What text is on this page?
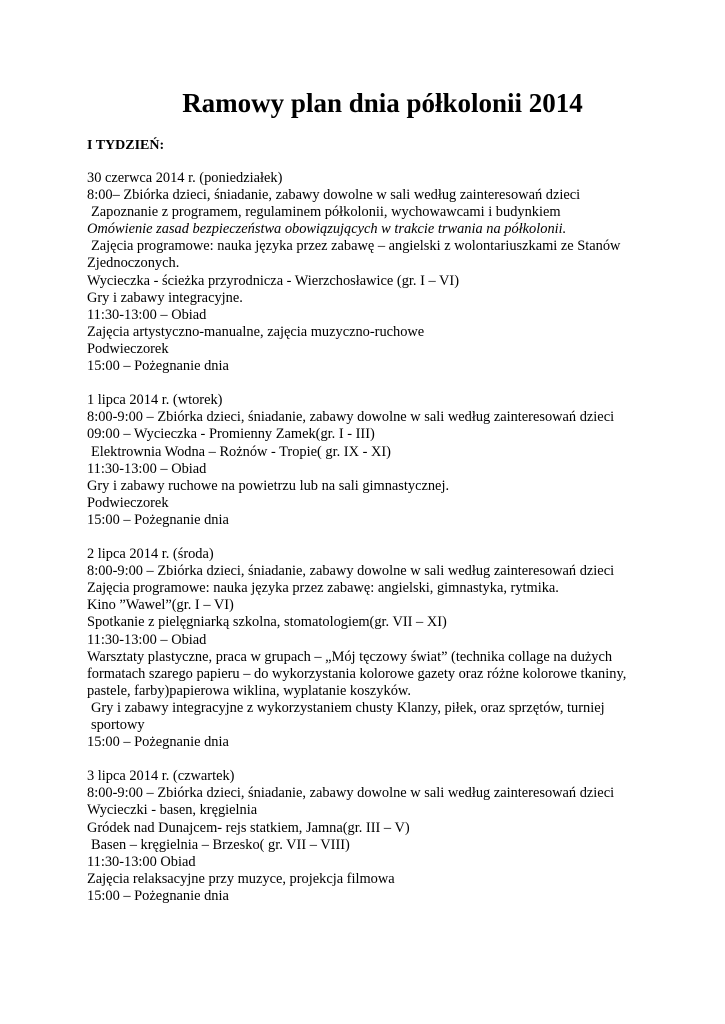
Ramowy plan dnia półkolonii 2014
I TYDZIEŃ:
30 czerwca 2014 r. (poniedziałek)
8:00– Zbiórka dzieci, śniadanie, zabawy dowolne w sali według zainteresowań dzieci
Zapoznanie z programem, regulaminem półkolonii, wychowawcami i budynkiem
Omówienie zasad bezpieczeństwa obowiązujących w trakcie trwania na półkolonii.
Zajęcia programowe: nauka języka przez zabawę – angielski z wolontariuszkami ze Stanów
Zjednoczonych.
Wycieczka - ścieżka przyrodnicza - Wierzchosławice (gr. I – VI)
Gry i zabawy integracyjne.
11:30-13:00 – Obiad
Zajęcia artystyczno-manualne, zajęcia muzyczno-ruchowe
Podwieczorek
15:00 – Pożegnanie dnia
1 lipca 2014 r. (wtorek)
8:00-9:00 – Zbiórka dzieci, śniadanie, zabawy dowolne w sali według zainteresowań dzieci
09:00 – Wycieczka - Promienny Zamek(gr. I - III)
Elektrownia Wodna – Rożnów - Tropie( gr. IX - XI)
11:30-13:00 – Obiad
Gry i zabawy ruchowe na powietrzu lub na sali gimnastycznej.
Podwieczorek
15:00 – Pożegnanie dnia
2 lipca 2014 r. (środa)
8:00-9:00 – Zbiórka dzieci, śniadanie, zabawy dowolne w sali według zainteresowań dzieci
Zajęcia programowe: nauka języka przez zabawę: angielski, gimnastyka, rytmika.
Kino ”Wawel”(gr. I – VI)
Spotkanie z pielęgniarką szkolna, stomatologiem(gr. VII – XI)
11:30-13:00 – Obiad
Warsztaty plastyczne, praca w grupach – „Mój tęczowy świat” (technika collage na dużych
formatach szarego papieru – do wykorzystania kolorowe gazety oraz różne kolorowe tkaniny,
pastele, farby)papierowa wiklina, wyplatanie koszyków.
Gry i zabawy integracyjne z wykorzystaniem chusty Klanzy, piłek, oraz sprzętów, turniej
sportowy
15:00 – Pożegnanie dnia
3 lipca 2014 r. (czwartek)
8:00-9:00 – Zbiórka dzieci, śniadanie, zabawy dowolne w sali według zainteresowań dzieci
Wycieczki - basen, kręgielnia
Gródek nad Dunajcem- rejs statkiem, Jamna(gr. III – V)
Basen – kręgielnia – Brzesko( gr. VII – VIII)
11:30-13:00 Obiad
Zajęcia relaksacyjne przy muzyce, projekcja filmowa
15:00 – Pożegnanie dnia
